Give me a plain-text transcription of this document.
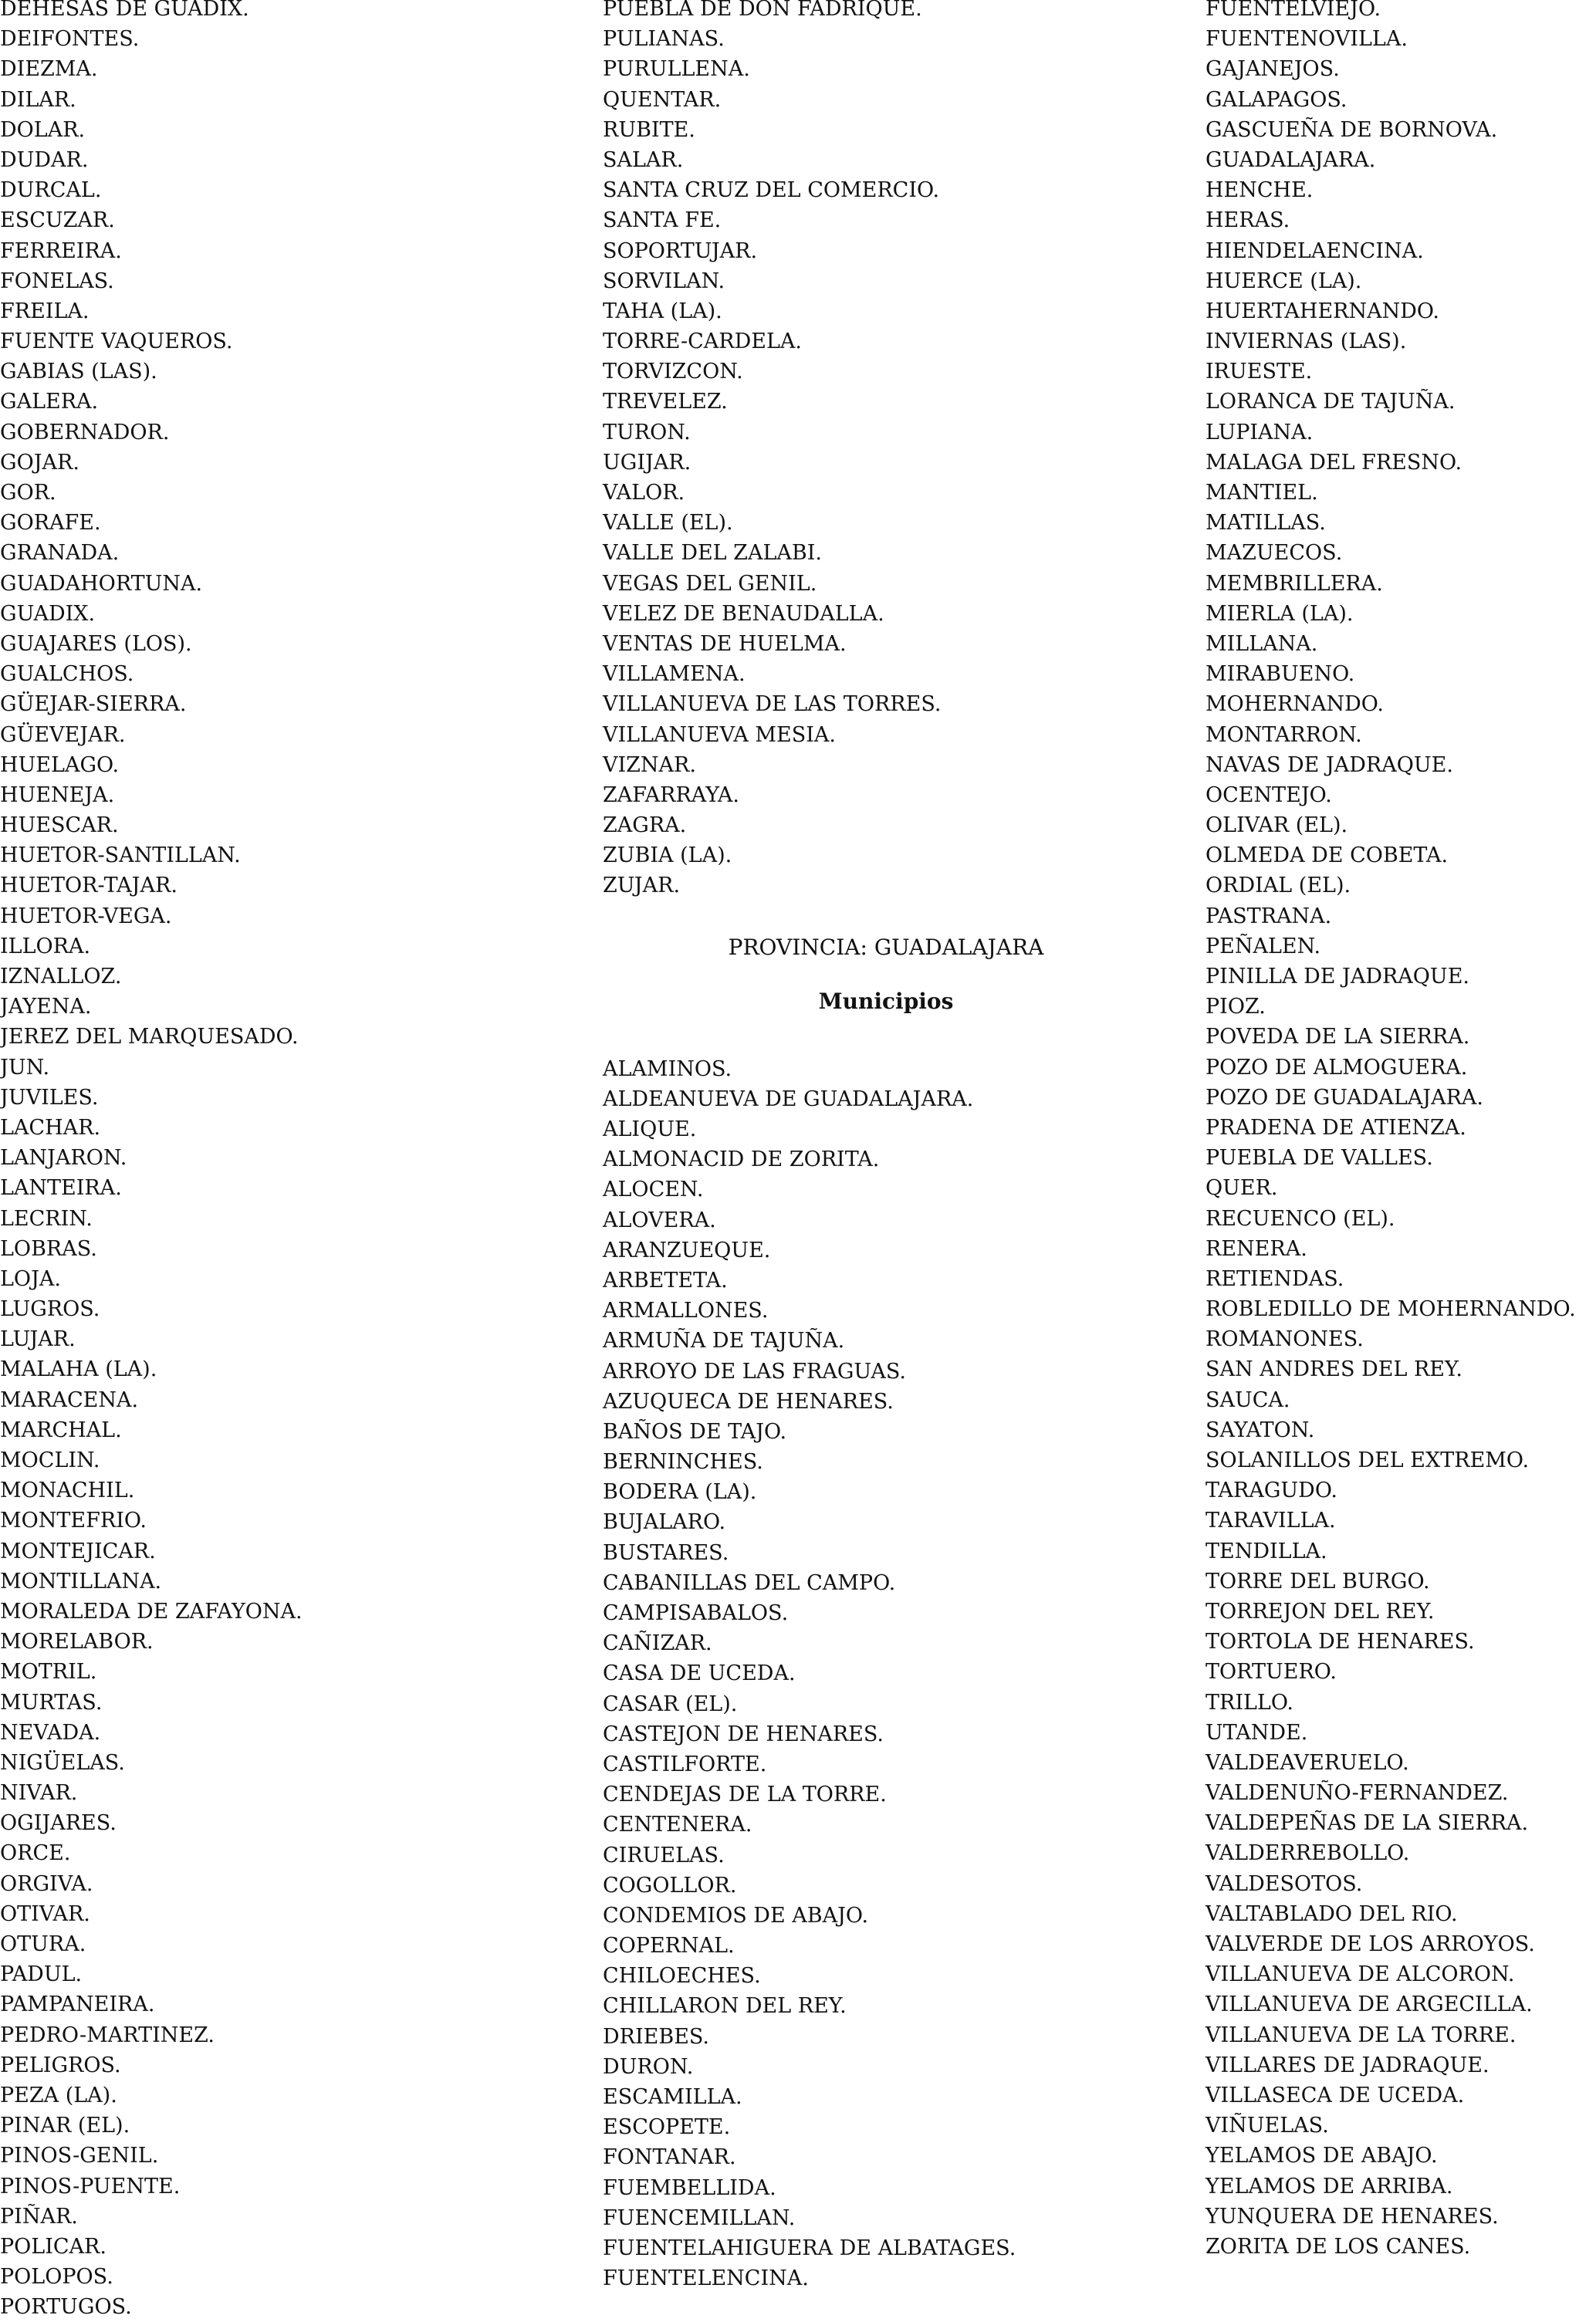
DEHESAS DE GUADIX.
DEIFONTES.
DIEZMA.
DILAR.
DOLAR.
DUDAR.
DURCAL.
ESCUZAR.
FERREIRA.
FONELAS.
FREILA.
FUENTE VAQUEROS.
GABIAS (LAS).
GALERA.
GOBERNADOR.
GOJAR.
GOR.
GORAFE.
GRANADA.
GUADAHORTUNA.
GUADIX.
GUAJARES (LOS).
GUALCHOS.
GÜEJAR-SIERRA.
GÜEVEJAR.
HUELAGO.
HUENEJA.
HUESCAR.
HUETOR-SANTILLAN.
HUETOR-TAJAR.
HUETOR-VEGA.
ILLORA.
IZNALLOZ.
JAYENA.
JEREZ DEL MARQUESADO.
JUN.
JUVILES.
LACHAR.
LANJARON.
LANTEIRA.
LECRIN.
LOBRAS.
LOJA.
LUGROS.
LUJAR.
MALAHA (LA).
MARACENA.
MARCHAL.
MOCLIN.
MONACHIL.
MONTEFRIO.
MONTEJICAR.
MONTILLANA.
MORALEDA DE ZAFAYONA.
MORELABOR.
MOTRIL.
MURTAS.
NEVADA.
NIGÜELAS.
NIVAR.
OGIJARES.
ORCE.
ORGIVA.
OTIVAR.
OTURA.
PADUL.
PAMPANEIRA.
PEDRO-MARTINEZ.
PELIGROS.
PEZA (LA).
PINAR (EL).
PINOS-GENIL.
PINOS-PUENTE.
PIÑAR.
POLICAR.
POLOPOS.
PORTUGOS.
PUEBLA DE DON FADRIQUE.
PULIANAS.
PURULLENA.
QUENTAR.
RUBITE.
SALAR.
SANTA CRUZ DEL COMERCIO.
SANTA FE.
SOPORTUJAR.
SORVILAN.
TAHA (LA).
TORRE-CARDELA.
TORVIZCON.
TREVELEZ.
TURON.
UGIJAR.
VALOR.
VALLE (EL).
VALLE DEL ZALABI.
VEGAS DEL GENIL.
VELEZ DE BENAUDALLA.
VENTAS DE HUELMA.
VILLAMENA.
VILLANUEVA DE LAS TORRES.
VILLANUEVA MESIA.
VIZNAR.
ZAFARRAYA.
ZAGRA.
ZUBIA (LA).
ZUJAR.
PROVINCIA: GUADALAJARA
Municipios
ALAMINOS.
ALDEANUEVA DE GUADALAJARA.
ALIQUE.
ALMONACID DE ZORITA.
ALOCEN.
ALOVERA.
ARANZUEQUE.
ARBETETA.
ARMALLONES.
ARMUÑA DE TAJUÑA.
ARROYO DE LAS FRAGUAS.
AZUQUECA DE HENARES.
BAÑOS DE TAJO.
BERNINCHES.
BODERA (LA).
BUJALARO.
BUSTARES.
CABANILLAS DEL CAMPO.
CAMPISABALOS.
CAÑIZAR.
CASA DE UCEDA.
CASAR (EL).
CASTEJON DE HENARES.
CASTILFORTE.
CENDEJAS DE LA TORRE.
CENTENERA.
CIRUELAS.
COGOLLOR.
CONDEMIOS DE ABAJO.
COPERNAL.
CHILOECHES.
CHILLARON DEL REY.
DRIEBES.
DURON.
ESCAMILLA.
ESCOPETE.
FONTANAR.
FUEMBELLIDA.
FUENCEMILLAN.
FUENTELAHIGUERA DE ALBATAGES.
FUENTELENCINA.
FUENTELVIEJO.
FUENTENOVILLA.
GAJANEJOS.
GALAPAGOS.
GASCUEÑA DE BORNOVA.
GUADALAJARA.
HENCHE.
HERAS.
HIENDELAENCINA.
HUERCE (LA).
HUERTAHERNANDO.
INVIERNAS (LAS).
IRUESTE.
LORANCA DE TAJUÑA.
LUPIANA.
MALAGA DEL FRESNO.
MANTIEL.
MATILLAS.
MAZUECOS.
MEMBRILLERA.
MIERLA (LA).
MILLANA.
MIRABUENO.
MOHERNANDO.
MONTARRON.
NAVAS DE JADRAQUE.
OCENTEJO.
OLIVAR (EL).
OLMEDA DE COBETA.
ORDIAL (EL).
PASTRANA.
PEÑALEN.
PINILLA DE JADRAQUE.
PIOZ.
POVEDA DE LA SIERRA.
POZO DE ALMOGUERA.
POZO DE GUADALAJARA.
PRADENA DE ATIENZA.
PUEBLA DE VALLES.
QUER.
RECUENCO (EL).
RENERA.
RETIENDAS.
ROBLEDILLO DE MOHERNANDO.
ROMANONES.
SAN ANDRES DEL REY.
SAUCA.
SAYATON.
SOLANILLOS DEL EXTREMO.
TARAGUDO.
TARAVILLA.
TENDILLA.
TORRE DEL BURGO.
TORREJON DEL REY.
TORTOLA DE HENARES.
TORTUERO.
TRILLO.
UTANDE.
VALDEAVERUELO.
VALDENUÑO-FERNANDEZ.
VALDEPEÑAS DE LA SIERRA.
VALDERREBOLLO.
VALDESOTOS.
VALTABLADO DEL RIO.
VALVERDE DE LOS ARROYOS.
VILLANUEVA DE ALCORON.
VILLANUEVA DE ARGECILLA.
VILLANUEVA DE LA TORRE.
VILLARES DE JADRAQUE.
VILLASECA DE UCEDA.
VIÑUELAS.
YELAMOS DE ABAJO.
YELAMOS DE ARRIBA.
YUNQUERA DE HENARES.
ZORITA DE LOS CANES.
